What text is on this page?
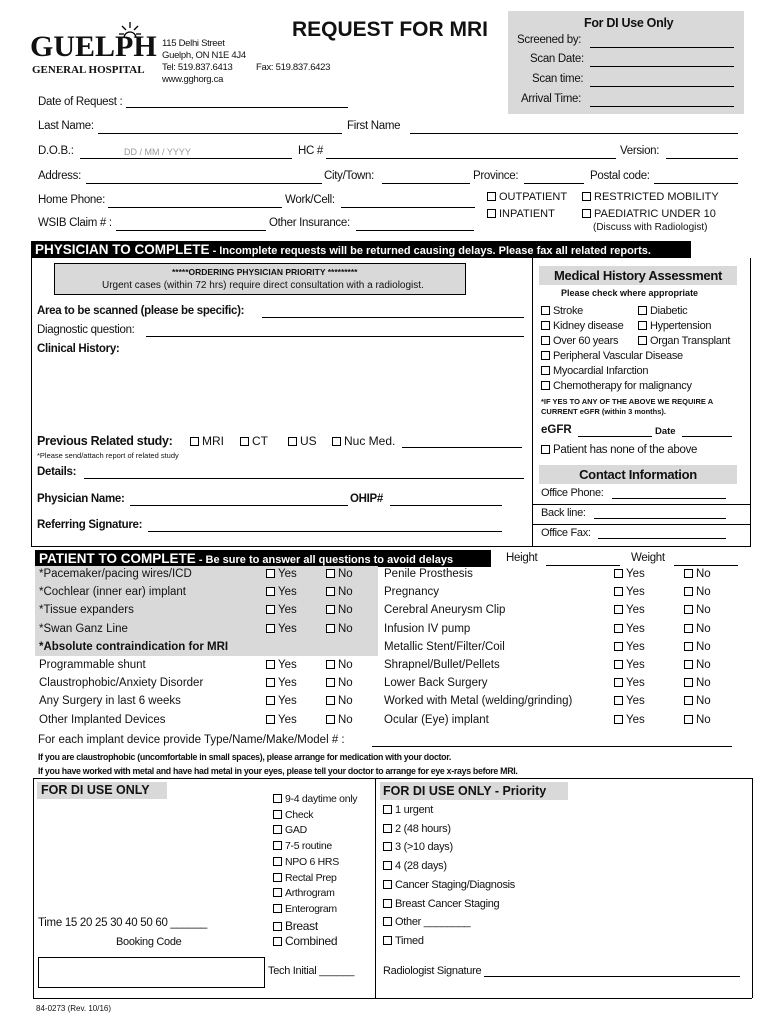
GUELPH
GENERAL HOSPITAL
115 Delhi Street
Guelph, ON N1E 4J4
Tel: 519.837.6413 Fax: 519.837.6423
www.gghorg.ca
REQUEST FOR MRI	For DI Use Only
Screened by:
Scan Date:
Scan time:
Arrival Time:
Date of Request :
Last Name:	First Name
D.O.B.:	DD / MM / YYYY	HC #	Version:
Address:	City/Town:	Province:	Postal code:
Home Phone:	Work/Cell:
WSIB Claim # :	Other Insurance:
OUTPATIENT
INPATIENT
RESTRICTED MOBILITY
PAEDIATRIC UNDER 10
(Discuss with Radiologist)
PHYSICIAN TO COMPLETE - Incomplete requests will be returned causing delays. Please fax all related reports.
*****ORDERING PHYSICIAN PRIORITY *********
Urgent cases (within 72 hrs) require direct consultation with a radiologist.
Area to be scanned (please be specific):
Diagnostic question:
Clinical History:
Previous Related study:	MRI	CT	US	Nuc Med.
*Please send/attach report of related study
Details:
Physician Name:	OHIP#
Referring Signature:
Medical History Assessment
Please check where appropriate
Stroke
Kidney disease
Over 60 years
Peripheral Vascular Disease
Myocardial Infarction
Chemotherapy for malignancy
Diabetic
Hypertension
Organ Transplant
*IF YES TO ANY OF THE ABOVE WE REQUIRE A CURRENT eGFR (within 3 months).
eGFR	Date
Patient has none of the above
Contact Information
Office Phone:
Back line:
Office Fax:
PATIENT TO COMPLETE - Be sure to answer all questions to avoid delays	Height	Weight
*Pacemaker/pacing wires/ICD	Yes	No	Penile Prosthesis	Yes	No
*Cochlear (inner ear) implant	Yes	No	Pregnancy	Yes	No
*Tissue expanders	Yes	No	Cerebral Aneurysm Clip	Yes	No
*Swan Ganz Line	Yes	No	Infusion IV pump	Yes	No
*Absolute contraindication for MRI	Metallic Stent/Filter/Coil	Yes	No
Programmable shunt	Yes	No	Shrapnel/Bullet/Pellets	Yes	No
Claustrophobic/Anxiety Disorder	Yes	No	Lower Back Surgery	Yes	No
Any Surgery in last 6 weeks	Yes	No	Worked with Metal (welding/grinding)	Yes	No
Other Implanted Devices	Yes	No	Ocular (Eye) implant	Yes	No
For each implant device provide Type/Name/Make/Model # :
If you are claustrophobic (uncomfortable in small spaces), please arrange for medication with your doctor.
If you have worked with metal and have had metal in your eyes, please tell your doctor to arrange for eye x-rays before MRI.
FOR DI USE ONLY
9-4 daytime only
Check
GAD
7-5 routine
NPO 6 HRS
Rectal Prep
Arthrogram
Enterogram
Breast
Combined
Time 15 20 25 30 40 50 60 ______
Booking Code
Tech Initial ______
FOR DI USE ONLY - Priority
1 urgent
2 (48 hours)
3 (>10 days)
4 (28 days)
Cancer Staging/Diagnosis
Breast Cancer Staging
Other ________
Timed
Radiologist Signature
84-0273 (Rev. 10/16)
